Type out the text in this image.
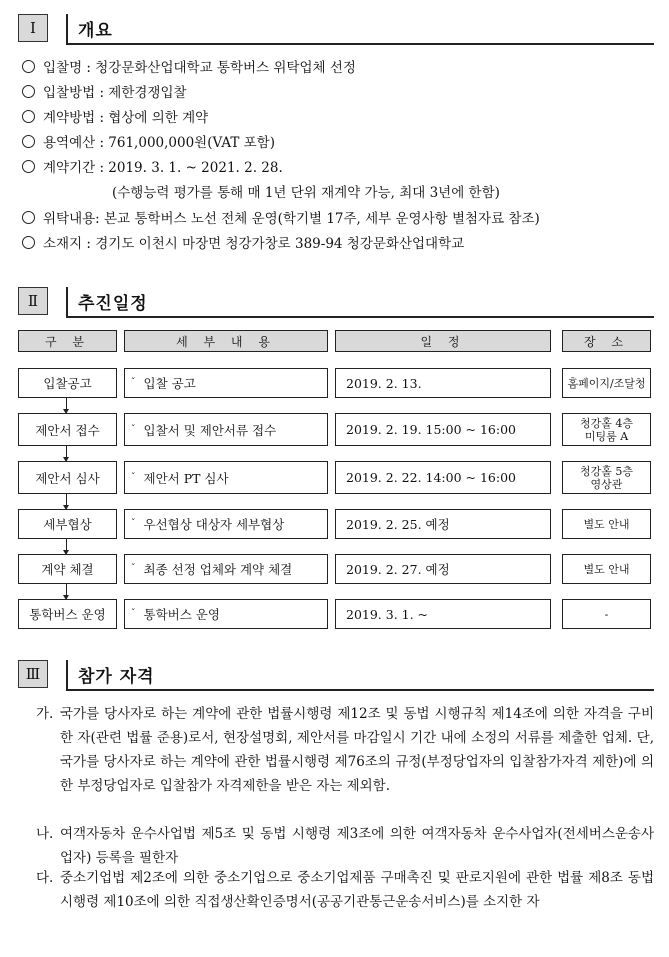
Ⅰ	개요
입찰명 : 청강문화산업대학교 통학버스 위탁업체 선정
입찰방법 : 제한경쟁입찰
계약방법 : 협상에 의한 계약
용역예산 : 761,000,000원(VAT 포함)
계약기간 : 2019. 3. 1. ~ 2021. 2. 28.
위탁내용: 본교 통학버스 노선 전체 운영(학기별 17주, 세부 운영사항 별첨자료 참조)
소재지 : 경기도 이천시 마장면 청강가창로 389-94 청강문화산업대학교
(수행능력 평가를 통해 매 1년 단위 재계약 가능, 최대 3년에 한함)
Ⅱ	추진일정
구 분	세 부 내 용	일 정	장 소
입찰공고	ˇ 입찰 공고	2019. 2. 13.	홈페이지/조달청
제안서 접수	ˇ 입찰서 및 제안서류 접수	2019. 2. 19. 15:00 ~ 16:00	청강홀 4층
미팅룸 A
제안서 심사	ˇ 제안서 PT 심사	2019. 2. 22. 14:00 ~ 16:00	청강홀 5층
영상관
세부협상	ˇ 우선협상 대상자 세부협상	2019. 2. 25. 예정	별도 안내
계약 체결	ˇ 최종 선정 업체와 계약 체결	2019. 2. 27. 예정	별도 안내
통학버스 운영	ˇ 통학버스 운영	2019. 3. 1. ~	-
Ⅲ	참가 자격
가. 국가를 당사자로 하는 계약에 관한 법률시행령 제12조 및 동법 시행규칙 제14조에 의한 자격을 구비한 자(관련 법률 준용)로서, 현장설명회, 제안서를 마감일시 기간 내에 소정의 서류를 제출한 업체. 단, 국가를 당사자로 하는 계약에 관한 법률시행령 제76조의 규정(부정당업자의 입찰참가자격 제한)에 의한 부정당업자로 입찰참가 자격제한을 받은 자는 제외함.
나. 여객자동차 운수사업법 제5조 및 동법 시행령 제3조에 의한 여객자동차 운수사업자(전세버스운송사업자) 등록을 필한자
다. 중소기업법 제2조에 의한 중소기업으로 중소기업제품 구매촉진 및 판로지원에 관한 법률 제8조 동법 시행령 제10조에 의한 직접생산확인증명서(공공기관통근운송서비스)를 소지한 자
